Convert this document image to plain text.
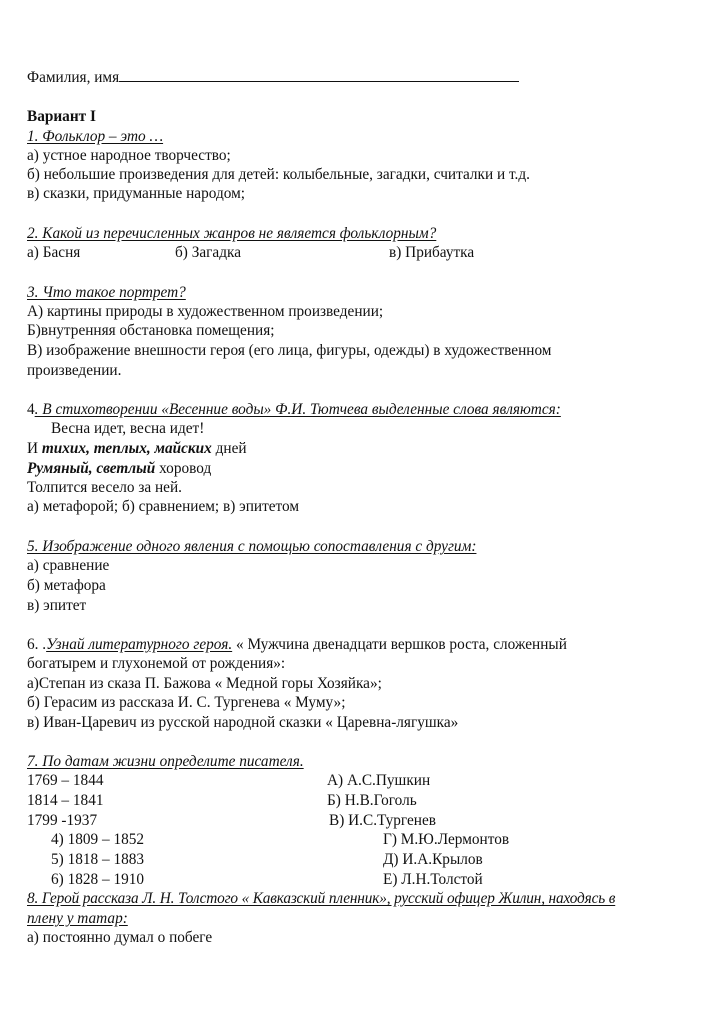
Фамилия, имя
Вариант I
1. Фольклор – это …
а) устное народное творчество;
б) небольшие произведения для детей: колыбельные, загадки, считалки и т.д.
в) сказки, придуманные народом;
2. Какой из перечисленных жанров не является фольклорным?
а) Басня	б) Загадка	в) Прибаутка
3. Что такое портрет?
А) картины природы в художественном произведении;
Б)внутренняя обстановка помещения;
В) изображение внешности героя (его лица, фигуры, одежды) в художественном
произведении.
4. В стихотворении «Весенние воды» Ф.И. Тютчева выделенные слова являются:
Весна идет, весна идет!
И тихих, теплых, майских дней
Румяный, светлый хоровод
Толпится весело за ней.
а) метафорой; б) сравнением; в) эпитетом
5. Изображение одного явления с помощью сопоставления с другим:
а) сравнение
б) метафора
в) эпитет
6. .Узнай литературного героя. « Мужчина двенадцати вершков роста, сложенный
богатырем и глухонемой от рождения»:
а)Степан из сказа П. Бажова « Медной горы Хозяйка»;
б) Герасим из рассказа И. С. Тургенева « Муму»;
в) Иван-Царевич из русской народной сказки « Царевна-лягушка»
7. По датам жизни определите писателя.
1769 – 1844
1814 – 1841
1799 -1937
4) 1809 – 1852
5) 1818 – 1883
6) 1828 – 1910
А) А.С.Пушкин
Б) Н.В.Гоголь
В) И.С.Тургенев
Г) М.Ю.Лермонтов
Д) И.А.Крылов
Е) Л.Н.Толстой
8. Герой рассказа Л. Н. Толстого « Кавказский пленник», русский офицер Жилин, находясь в
плену у татар:
а) постоянно думал о побеге
